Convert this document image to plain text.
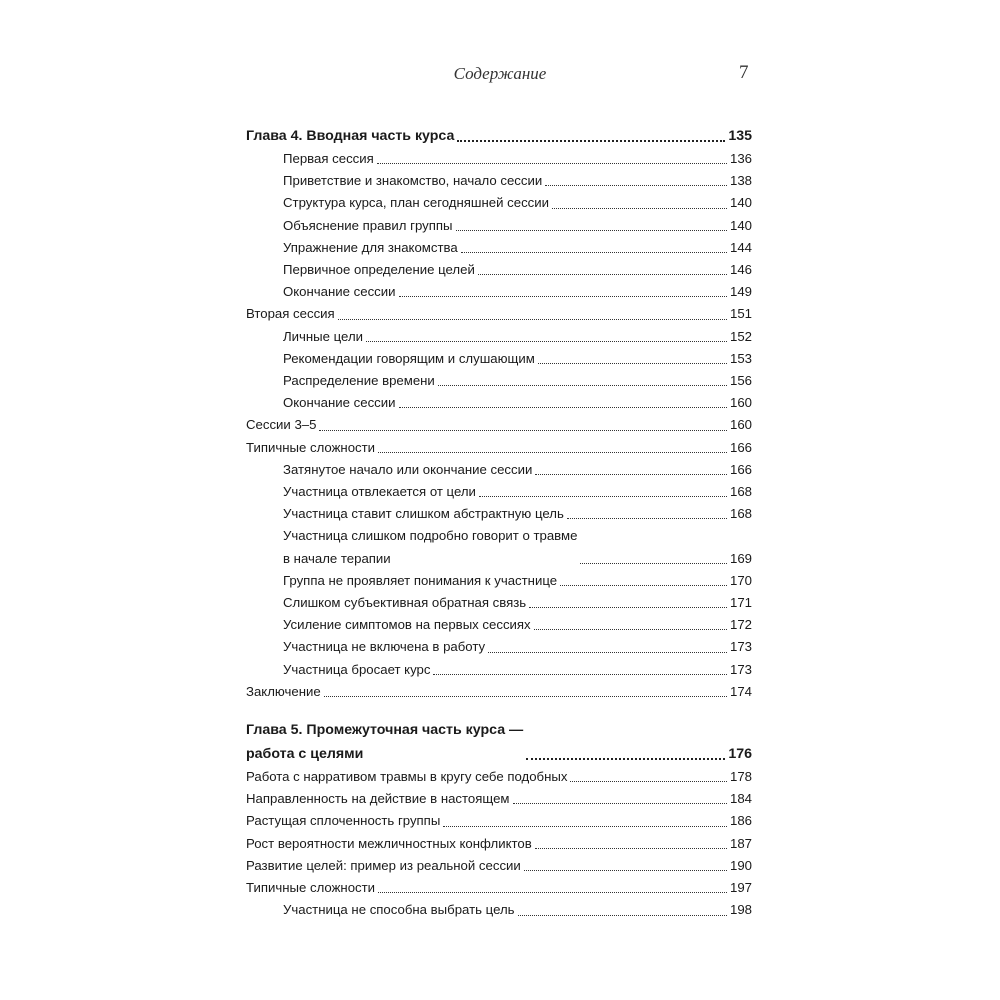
Содержание	7
Глава 4. Вводная часть курса	135
Первая сессия	136
Приветствие и знакомство, начало сессии	138
Структура курса, план сегодняшней сессии	140
Объяснение правил группы	140
Упражнение для знакомства	144
Первичное определение целей	146
Окончание сессии	149
Вторая сессия	151
Личные цели	152
Рекомендации говорящим и слушающим	153
Распределение времени	156
Окончание сессии	160
Сессии 3–5	160
Типичные сложности	166
Затянутое начало или окончание сессии	166
Участница отвлекается от цели	168
Участница ставит слишком абстрактную цель	168
Участница слишком подробно говорит о травме
в начале терапии	169
Группа не проявляет понимания к участнице	170
Слишком субъективная обратная связь	171
Усиление симптомов на первых сессиях	172
Участница не включена в работу	173
Участница бросает курс	173
Заключение	174
Глава 5. Промежуточная часть курса —
работа с целями	176
Работа с нарративом травмы в кругу себе подобных	178
Направленность на действие в настоящем	184
Растущая сплоченность группы	186
Рост вероятности межличностных конфликтов	187
Развитие целей: пример из реальной сессии	190
Типичные сложности	197
Участница не способна выбрать цель	198
